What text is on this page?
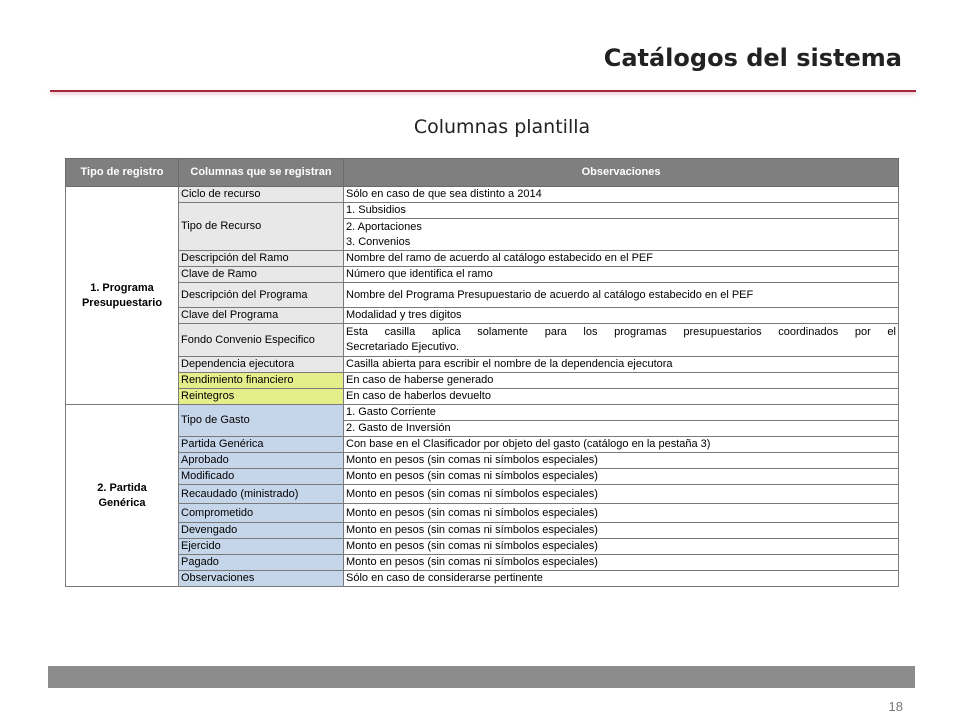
Catálogos del sistema
Columnas plantilla
Tipo de registro	Columnas que se registran	Observaciones

1. Programa
Presupuestario	Ciclo de recurso	Sólo en caso de que sea distinto a 2014
	Tipo de Recurso	1. Subsidios
		2. Aportaciones
		3. Convenios
	Descripción del Ramo	Nombre del ramo de acuerdo al catálogo estabecido en el PEF
	Clave de Ramo	Número que identifica el ramo
	Descripción del Programa	Nombre del Programa Presupuestario de acuerdo al catálogo estabecido en el PEF
	Clave del Programa	Modalidad y tres digitos
	Fondo Convenio Especifico	Esta casilla aplica solamente para los programas presupuestarios coordinados por el
Secretariado Ejecutivo.

	Dependencia ejecutora	Casilla abierta para escribir el nombre de la dependencia ejecutora
	Rendimiento financiero	En caso de haberse generado
	Reintegros	En caso de haberlos devuelto

2. Partida
Genérica	Tipo de Gasto	1. Gasto Corriente
		2. Gasto de Inversión
	Partida Genérica	Con base en el Clasificador por objeto del gasto (catálogo en la pestaña 3)
	Aprobado	Monto en pesos (sin comas ni símbolos especiales)
	Modificado	Monto en pesos (sin comas ni símbolos especiales)
	Recaudado (ministrado)	Monto en pesos (sin comas ni símbolos especiales)
	Comprometido	Monto en pesos (sin comas ni símbolos especiales)
	Devengado	Monto en pesos (sin comas ni símbolos especiales)
	Ejercido	Monto en pesos (sin comas ni símbolos especiales)
	Pagado	Monto en pesos (sin comas ni símbolos especiales)
	Observaciones	Sólo en caso de considerarse pertinente
18
